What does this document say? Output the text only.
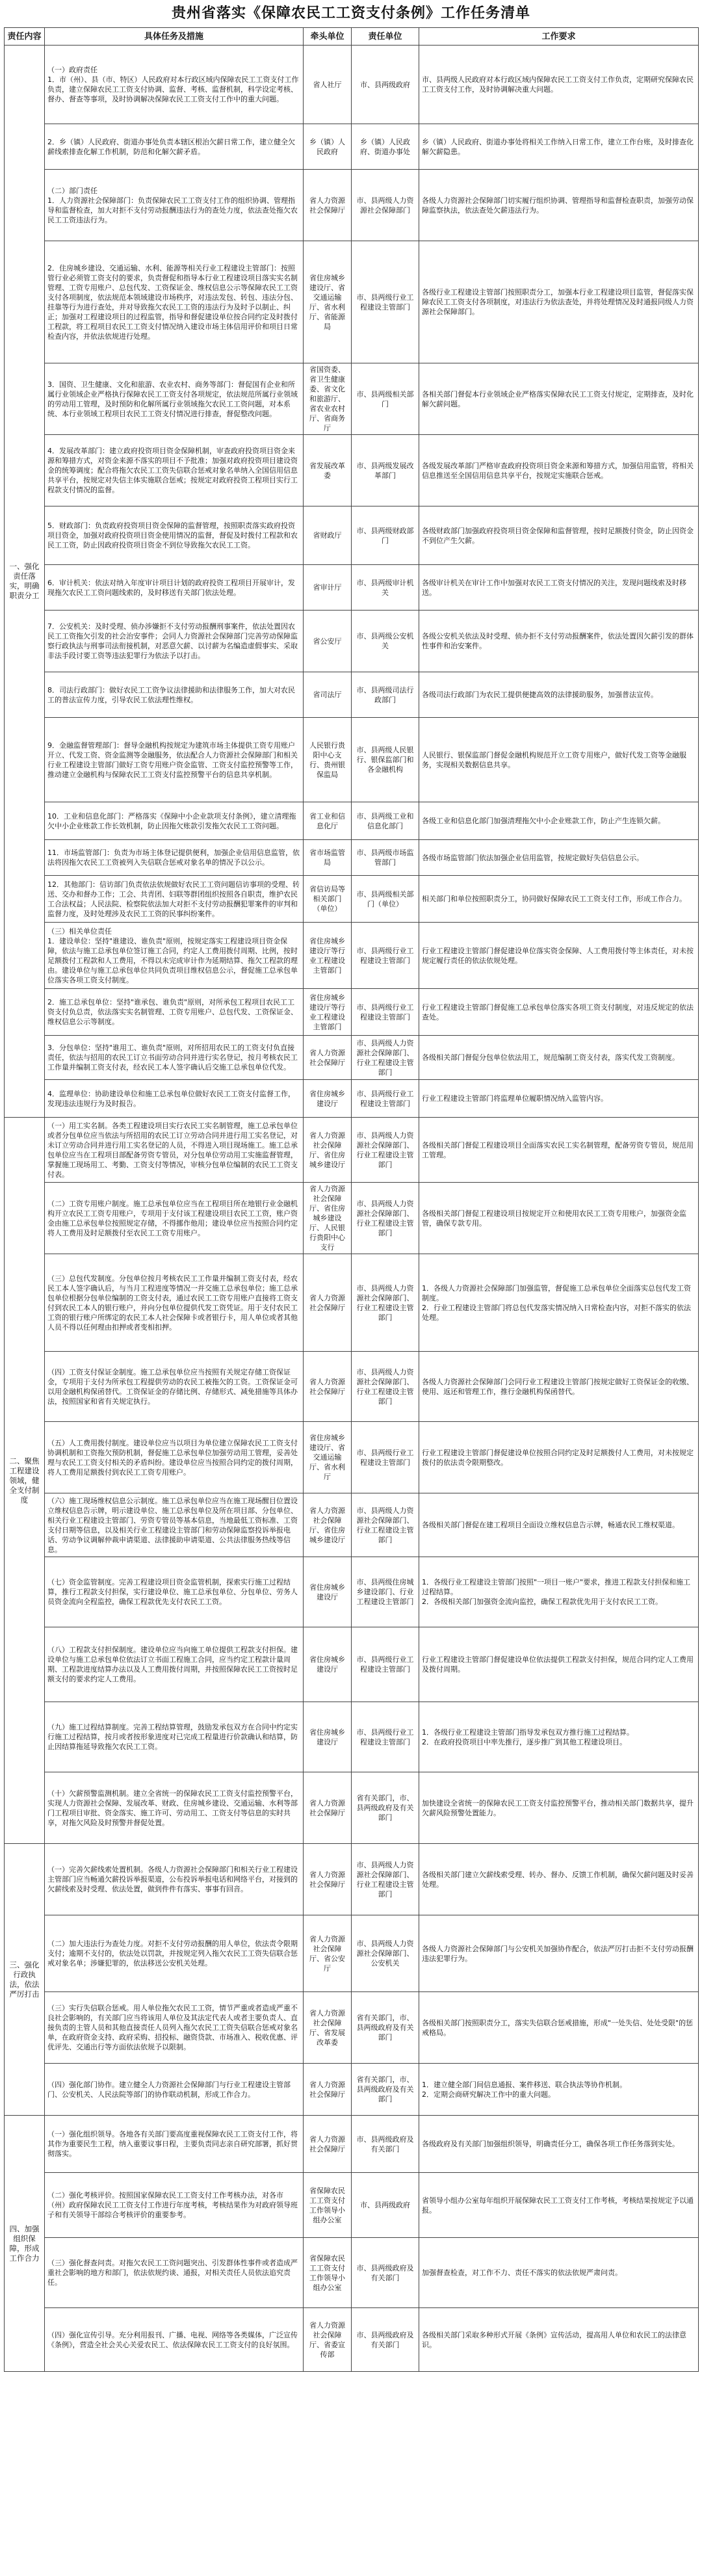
贵州省落实《保障农民工工资支付条例》工作任务清单
责任内容	具体任务及措施	牵头单位	责任单位	工作要求
一、强化责任落实，明确职责分工	（一）政府责任
1．市（州）、县（市、特区）人民政府对本行政区域内保障农民工工资支付工作负责，建立保障农民工工资支付协调、监督、考核、监督机制，科学设定考核、督办、督查等事项，及时协调解决保障农民工工资支付工作中的重大问题。	省人社厅	市、县两级政府	市、县两级人民政府对本行政区域内保障农民工工资支付工作负责，定期研究保障农民工工资支付工作，及时协调解决重大问题。

	2．乡（镇）人民政府、街道办事处负责本辖区根治欠薪日常工作，建立健全欠薪线索排查化解工作机制，防范和化解欠薪矛盾。	乡（镇）人民政府	乡（镇）人民政府、街道办事处	乡（镇）人民政府、街道办事处将相关工作纳入日常工作，建立工作台账，及时排查化解欠薪隐患。

	（二）部门责任
1．人力资源社会保障部门：负责保障农民工工资支付工作的组织协调、管理指导和监督检查，加大对拒不支付劳动报酬违法行为的查处力度，依法查处拖欠农民工工资违法行为。	省人力资源社会保障厅	市、县两级人力资源社会保障部门	各级人力资源社会保障部门切实履行组织协调、管理指导和监督检查职责，加强劳动保障监察执法，依法查处欠薪违法行为。

	2．住房城乡建设、交通运输、水利、能源等相关行业工程建设主管部门：按照管行业必须管工资支付的要求，负责督促和指导本行业工程建设项目落实实名制管理、工资专用账户、总包代发、工资保证金、维权信息公示等保障农民工工资支付各项制度，依法规范本领域建设市场秩序，对违法发包、转包、违法分包、挂靠等行为进行查处，并对导致拖欠农民工工资的违法行为及时予以制止、纠正；加强对工程建设项目的过程监管，指导和督促建设单位按合同约定及时拨付工程款，将工程项目农民工工资支付情况纳入建设市场主体信用评价和项目日常检查内容，并依法依规进行处理。	省住房城乡建设厅、省交通运输厅、省水利厅、省能源局	市、县两级行业工程建设主管部门	各级行业工程建设主管部门按照职责分工，加强本行业工程建设项目监管，督促落实保障农民工工资支付各项制度，对违法行为依法查处，并将处理情况及时通报同级人力资源社会保障部门。

	3．国资、卫生健康、文化和旅游、农业农村、商务等部门：督促国有企业和所属行业领域企业严格执行保障农民工工资支付各项规定，依法规范所属行业领域的劳动用工管理，及时预防和化解所属行业领域拖欠农民工工资问题，对本系统、本行业领域工程项目农民工工资支付情况进行排查，督促整改问题。	省国资委、省卫生健康委、省文化和旅游厅、省农业农村厅、省商务厅	市、县两级相关部门	各相关部门督促本行业领域企业严格落实保障农民工工资支付规定，定期排查，及时化解欠薪问题。

	4．发展改革部门：建立政府投资项目资金保障机制，审查政府投资项目资金来源和筹措方式，对资金来源不落实的项目不予批准；加强对政府投资项目建设资金的统筹调度；配合将拖欠农民工工资失信联合惩戒对象名单纳入全国信用信息共享平台，按规定对失信主体实施联合惩戒；按规定对政府投资工程项目实行工程款支付情况的监督。	省发展改革委	市、县两级发展改革部门	各级发展改革部门严格审查政府投资项目资金来源和筹措方式，加强信用监管，将相关信息推送至全国信用信息共享平台，按规定实施联合惩戒。

	5．财政部门：负责政府投资项目资金保障的监督管理，按照职责落实政府投资项目资金，加强对政府投资项目资金使用情况的监督，督促及时拨付工程款和农民工工资，防止因政府投资项目资金不到位导致拖欠农民工工资。	省财政厅	市、县两级财政部门	各级财政部门加强政府投资项目资金保障和监督管理，按时足额拨付资金，防止因资金不到位产生欠薪。

	6．审计机关：依法对纳入年度审计项目计划的政府投资工程项目开展审计，发现拖欠农民工工资问题线索的，及时移送有关部门依法处理。	省审计厅	市、县两级审计机关	各级审计机关在审计工作中加强对农民工工资支付情况的关注，发现问题线索及时移送。

	7．公安机关：及时受理、侦办涉嫌拒不支付劳动报酬刑事案件，依法处置因农民工工资拖欠引发的社会治安事件；会同人力资源社会保障部门完善劳动保障监察行政执法与刑事司法衔接机制，对恶意欠薪、以讨薪为名编造虚假事实、采取非法手段讨要工资等违法犯罪行为依法予以打击。	省公安厅	市、县两级公安机关	各级公安机关依法及时受理、侦办拒不支付劳动报酬案件，依法处置因欠薪引发的群体性事件和治安案件。

	8．司法行政部门：做好农民工工资争议法律援助和法律服务工作，加大对农民工的普法宣传力度，引导农民工依法理性维权。	省司法厅	市、县两级司法行政部门	各级司法行政部门为农民工提供便捷高效的法律援助服务，加强普法宣传。

	9．金融监督管理部门：督导金融机构按规定为建筑市场主体提供工资专用账户开立、代发工资、资金监测等金融服务，依法配合人力资源社会保障部门和相关行业工程建设主管部门做好工资专用账户资金监管、工资支付监控预警等工作，推动建立金融机构与保障农民工工资支付监控预警平台的信息共享机制。	人民银行贵阳中心支行、贵州银保监局	市、县两级人民银行、银保监部门和各金融机构	人民银行、银保监部门督促金融机构规范开立工资专用账户，做好代发工资等金融服务，实现相关数据信息共享。

	10．工业和信息化部门：严格落实《保障中小企业款项支付条例》，建立清理拖欠中小企业账款工作长效机制，防止因拖欠账款引发拖欠农民工工资问题。	省工业和信息化厅	市、县两级工业和信息化部门	各级工业和信息化部门加强清理拖欠中小企业账款工作，防止产生连锁欠薪。

	11．市场监管部门：负责为市场主体登记提供便利，加强企业信用信息监管，依法将因拖欠农民工工资被列入失信联合惩戒对象名单的情况予以公示。	省市场监管局	市、县两级市场监管部门	各级市场监管部门依法加强企业信用监管，按规定做好失信信息公示。

	12．其他部门：信访部门负责依法依规做好农民工工资问题信访事项的受理、转送、交办和督办工作；工会、共青团、妇联等群团组织按照各自职责，维护农民工合法权益；人民法院、检察院依法加大对拒不支付劳动报酬犯罪案件的审判和监督力度，及时处理涉及农民工工资的民事纠纷案件。	省信访局等相关部门（单位）	市、县两级相关部门（单位）	相关部门和单位按照职责分工，协同做好保障农民工工资支付工作，形成工作合力。

	（三）相关单位责任
1．建设单位：坚持"谁建设、谁负责"原则，按规定落实工程建设项目资金保障，依法与施工总承包单位签订施工合同，约定人工费用拨付周期、比例，按时足额拨付工程款和人工费用，不得以未完成审计作为延期结算、拖欠工程款的理由。建设单位与施工总承包单位共同负责项目维权信息公示，督促施工总承包单位落实各项工资支付制度。	省住房城乡建设厅等行业工程建设主管部门	市、县两级行业工程建设主管部门	行业工程建设主管部门督促建设单位落实资金保障、人工费用拨付等主体责任，对未按规定履行责任的依法依规处理。

	2．施工总承包单位：坚持"谁承包、谁负责"原则，对所承包工程项目农民工工资支付负总责，依法落实实名制管理、工资专用账户、总包代发、工资保证金、维权信息公示等制度。	省住房城乡建设厅等行业工程建设主管部门	市、县两级行业工程建设主管部门	行业工程建设主管部门督促施工总承包单位落实各项工资支付制度，对违反规定的依法查处。

	3．分包单位：坚持"谁用工、谁负责"原则，对所招用农民工的工资支付负直接责任，依法与招用的农民工订立书面劳动合同并进行实名登记，按月考核农民工工作量并编制工资支付表，经农民工本人签字确认后交施工总承包单位代发。	省人力资源社会保障厅	市、县两级人力资源社会保障部门、行业工程建设主管部门	各级相关部门督促分包单位依法用工，规范编制工资支付表，落实代发工资制度。

	4．监理单位：协助建设单位和施工总承包单位做好农民工工资支付监督工作，发现违法违规行为及时报告。	省住房城乡建设厅	市、县两级行业工程建设主管部门	行业工程建设主管部门将监理单位履职情况纳入监管内容。

二、聚焦工程建设领域，健全支付制度	（一）用工实名制。各类工程建设项目实行农民工实名制管理，施工总承包单位或者分包单位应当依法与所招用的农民工订立劳动合同并进行用工实名登记，对未订立劳动合同并进行用工实名登记的人员，不得进入项目现场施工。施工总承包单位应当在工程项目部配备劳资专管员，对分包单位劳动用工实施监督管理，掌握施工现场用工、考勤、工资支付等情况，审核分包单位编制的农民工工资支付表。	省人力资源社会保障厅、省住房城乡建设厅	市、县两级人力资源社会保障部门、行业工程建设主管部门	各级相关部门督促工程建设项目全面落实农民工实名制管理，配备劳资专管员，规范用工管理。

	（二）工资专用账户制度。施工总承包单位应当在工程项目所在地银行业金融机构开立农民工工资专用账户，专项用于支付该工程建设项目农民工工资，账户资金由施工总承包单位按照规定存储，不得挪作他用；建设单位应当按照合同约定将人工费用及时足额拨付至农民工工资专用账户。	省人力资源社会保障厅、省住房城乡建设厅、人民银行贵阳中心支行	市、县两级人力资源社会保障部门、行业工程建设主管部门	各级相关部门督促工程建设项目按规定开立和使用农民工工资专用账户，加强资金监管，确保专款专用。

	（三）总包代发制度。分包单位按月考核农民工工作量并编制工资支付表，经农民工本人签字确认后，与当月工程进度等情况一并交施工总承包单位；施工总承包单位根据分包单位编制的工资支付表，通过农民工工资专用账户直接将工资支付到农民工本人的银行账户，并向分包单位提供代发工资凭证。用于支付农民工工资的银行账户所绑定的农民工本人社会保障卡或者银行卡，用人单位或者其他人员不得以任何理由扣押或者变相扣押。	省人力资源社会保障厅	市、县两级人力资源社会保障部门、行业工程建设主管部门	1．各级人力资源社会保障部门加强监管，督促施工总承包单位全面落实总包代发工资制度。
2．行业工程建设主管部门将总包代发落实情况纳入日常检查内容，对拒不落实的依法处理。

	（四）工资支付保证金制度。施工总承包单位应当按照有关规定存储工资保证金，专项用于支付为所承包工程提供劳动的农民工被拖欠的工资。工资保证金可以用金融机构保函替代。工资保证金的存储比例、存储形式、减免措施等具体办法，按照国家和省有关规定执行。	省人力资源社会保障厅	市、县两级人力资源社会保障部门、行业工程建设主管部门	各级人力资源社会保障部门会同行业工程建设主管部门按规定做好工资保证金的收缴、使用、返还和管理工作，推行金融机构保函替代。

	（五）人工费用拨付制度。建设单位应当以项目为单位建立保障农民工工资支付协调机制和工资拖欠预防机制，督促施工总承包单位加强劳动用工管理，妥善处理与农民工工资支付相关的矛盾纠纷。建设单位应当按照合同约定的拨付周期，将人工费用足额拨付到农民工工资专用账户。	省住房城乡建设厅、省交通运输厅、省水利厅	市、县两级行业工程建设主管部门	行业工程建设主管部门督促建设单位按照合同约定及时足额拨付人工费用，对未按规定拨付的依法责令限期整改。

	（六）施工现场维权信息公示制度。施工总承包单位应当在施工现场醒目位置设立维权信息告示牌，明示建设单位、施工总承包单位及所在项目部、分包单位、相关行业工程建设主管部门、劳资专管员等基本信息，当地最低工资标准、工资支付日期等信息，以及相关行业工程建设主管部门和劳动保障监察投诉举报电话、劳动争议调解仲裁申请渠道、法律援助申请渠道、公共法律服务热线等信息。	省人力资源社会保障厅、省住房城乡建设厅	市、县两级人力资源社会保障部门、行业工程建设主管部门	各级相关部门督促在建工程项目全面设立维权信息告示牌，畅通农民工维权渠道。

	（七）资金监管制度。完善工程建设项目资金监管机制，探索实行施工过程结算，推行工程款支付担保，实行建设单位、施工总承包单位、分包单位、劳务人员资金流向全程监控，确保工程款优先支付农民工工资。	省住房城乡建设厅	市、县两级住房城乡建设部门、行业工程建设主管部门	1．各级行业工程建设主管部门按照"一项目一账户"要求，推进工程款支付担保和施工过程结算。
2．各级相关部门加强资金流向监控，确保工程款优先用于支付农民工工资。

	（八）工程款支付担保制度。建设单位应当向施工单位提供工程款支付担保。建设单位与施工总承包单位依法订立书面工程施工合同，应当约定工程款计量周期、工程款进度结算办法以及人工费用拨付周期，并按照保障农民工工资按时足额支付的要求约定人工费用。	省住房城乡建设厅	市、县两级行业工程建设主管部门	行业工程建设主管部门督促建设单位依法提供工程款支付担保，规范合同约定人工费用及拨付周期。

	（九）施工过程结算制度。完善工程结算管理，鼓励发承包双方在合同中约定实行施工过程结算，按月或者按形象进度对已完成工程量进行价款确认和结算，防止因结算拖延导致拖欠农民工工资。	省住房城乡建设厅	市、县两级行业工程建设主管部门	1．各级行业工程建设主管部门指导发承包双方推行施工过程结算。
2．在政府投资项目中率先推行，逐步推广到其他工程建设项目。

	（十）欠薪预警监测机制。建立全省统一的保障农民工工资支付监控预警平台，实现人力资源社会保障、发展改革、财政、住房城乡建设、交通运输、水利等部门工程项目审批、资金落实、施工许可、劳动用工、工资支付等信息的实时共享，对拖欠风险及时预警并督促处置。	省人力资源社会保障厅	省有关部门，市、县两级政府及有关部门	加快建设全省统一的保障农民工工资支付监控预警平台，推动相关部门数据共享，提升欠薪风险预警处置能力。

三、强化行政执法，依法严厉打击	（一）完善欠薪线索处置机制。各级人力资源社会保障部门和相关行业工程建设主管部门应当畅通欠薪投诉举报渠道，公布投诉举报电话和网络平台，对接到的欠薪线索及时受理、依法处置，做到件件有落实、事事有回音。	省人力资源社会保障厅	市、县两级人力资源社会保障部门、行业工程建设主管部门	各级相关部门建立欠薪线索受理、转办、督办、反馈工作机制，确保欠薪问题及时妥善处理。

	（二）加大违法行为查处力度。对拒不支付劳动报酬的用人单位，依法责令限期支付；逾期不支付的，依法处以罚款，并按规定列入拖欠农民工工资失信联合惩戒对象名单；涉嫌犯罪的，依法移送公安机关处理。	省人力资源社会保障厅、省公安厅	市、县两级人力资源社会保障部门、公安机关	各级人力资源社会保障部门与公安机关加强协作配合，依法严厉打击拒不支付劳动报酬违法犯罪行为。

	（三）实行失信联合惩戒。用人单位拖欠农民工工资，情节严重或者造成严重不良社会影响的，有关部门应当将该用人单位及其法定代表人或者主要负责人、直接负责的主管人员和其他直接责任人员列入拖欠农民工工资失信联合惩戒对象名单，在政府资金支持、政府采购、招投标、融资贷款、市场准入、税收优惠、评优评先、交通出行等方面依法依规予以限制。	省人力资源社会保障厅、省发展改革委	省有关部门，市、县两级政府及有关部门	各级相关部门按照职责分工，落实失信联合惩戒措施，形成"一处失信、处处受限"的惩戒格局。

	（四）强化部门协作。建立健全人力资源社会保障部门与行业工程建设主管部门、公安机关、人民法院等部门的协作联动机制，形成工作合力。	省人力资源社会保障厅	省有关部门，市、县两级政府及有关部门	1．建立健全部门间信息通报、案件移送、联合执法等协作机制。
2．定期会商研究解决工作中的重大问题。

四、加强组织保障，形成工作合力	（一）强化组织领导。各地各有关部门要高度重视保障农民工工资支付工作，将其作为重要民生工程，纳入重要议事日程，主要负责同志亲自研究部署，抓好贯彻落实。	省人力资源社会保障厅	市、县两级政府及有关部门	各级政府及有关部门加强组织领导，明确责任分工，确保各项工作任务落到实处。

	（二）强化考核评价。按照国家保障农民工工资支付工作考核办法，对各市（州）政府保障农民工工资支付工作进行年度考核，考核结果作为对政府领导班子和有关领导干部综合考核评价的重要参考。	省保障农民工工资支付工作领导小组办公室	市、县两级政府	省领导小组办公室每年组织开展保障农民工工资支付工作考核，考核结果按规定予以通报。

	（三）强化督查问责。对拖欠农民工工资问题突出、引发群体性事件或者造成严重社会影响的地方和部门，依法依规约谈、通报，对相关责任人员依法追究责任。	省保障农民工工资支付工作领导小组办公室	市、县两级政府及有关部门	加强督查检查，对工作不力、责任不落实的依法依规严肃问责。

	（四）强化宣传引导。充分利用报刊、广播、电视、网络等各类媒体，广泛宣传《条例》，营造全社会关心关爱农民工、依法保障农民工工资支付的良好氛围。	省人力资源社会保障厅、省委宣传部	市、县两级政府及有关部门	各级相关部门采取多种形式开展《条例》宣传活动，提高用人单位和农民工的法律意识。
